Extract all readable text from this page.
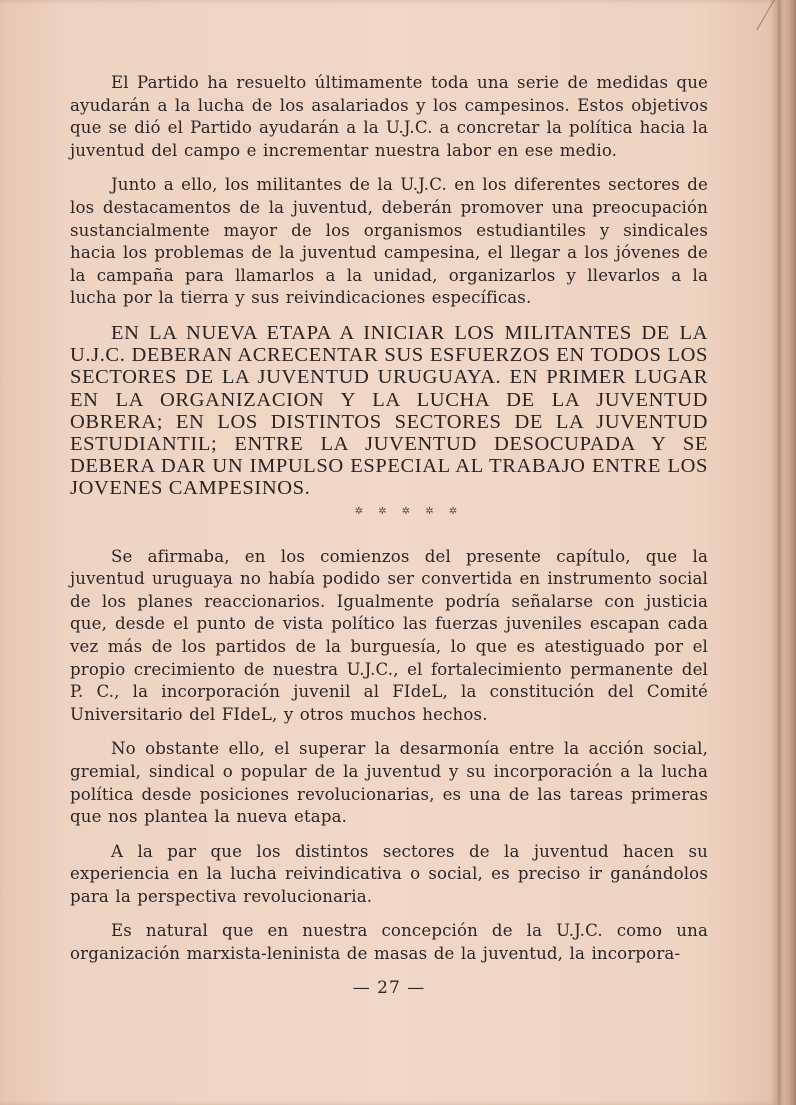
El Partido ha resuelto últimamente toda una serie de medidas que ayudarán a la lucha de los asalariados y los campesinos. Estos objetivos que se dió el Partido ayudarán a la U.J.C. a concretar la política hacia la juventud del campo e incrementar nuestra labor en ese medio.

Junto a ello, los militantes de la U.J.C. en los diferentes sectores de los destacamentos de la juventud, deberán promover una preocupación sustancialmente mayor de los organismos estudiantiles y sindicales hacia los problemas de la juventud campesina, el llegar a los jóvenes de la campaña para llamarlos a la unidad, organizarlos y llevarlos a la lucha por la tierra y sus reivindicaciones específicas.

EN LA NUEVA ETAPA A INICIAR LOS MILITANTES DE LA U.J.C. DEBERAN ACRECENTAR SUS ESFUERZOS EN TODOS LOS SECTORES DE LA JUVENTUD URUGUAYA. EN PRIMER LUGAR EN LA ORGANIZACION Y LA LUCHA DE LA JUVENTUD OBRERA; EN LOS DISTINTOS SECTORES DE LA JUVENTUD ESTUDIANTIL; ENTRE LA JUVENTUD DESOCUPADA Y SE DEBERA DAR UN IMPULSO ESPECIAL AL TRABAJO ENTRE LOS JOVENES CAMPESINOS.

✲ ✲ ✲ ✲ ✲

Se afirmaba, en los comienzos del presente capítulo, que la juventud uruguaya no había podido ser convertida en instrumento social de los planes reaccionarios. Igualmente podría señalarse con justicia que, desde el punto de vista político las fuerzas juveniles escapan cada vez más de los partidos de la burguesía, lo que es atestiguado por el propio crecimiento de nuestra U.J.C., el fortalecimiento permanente del P. C., la incorporación juvenil al FIdeL, la constitución del Comité Universitario del FIdeL, y otros muchos hechos.

No obstante ello, el superar la desarmonía entre la acción social, gremial, sindical o popular de la juventud y su incorporación a la lucha política desde posiciones revolucionarias, es una de las tareas primeras que nos plantea la nueva etapa.

A la par que los distintos sectores de la juventud hacen su experiencia en la lucha reivindicativa o social, es preciso ir ganándolos para la perspectiva revolucionaria.

Es natural que en nuestra concepción de la U.J.C. como una organización marxista-leninista de masas de la juventud, la incorpora-

— 27 —
